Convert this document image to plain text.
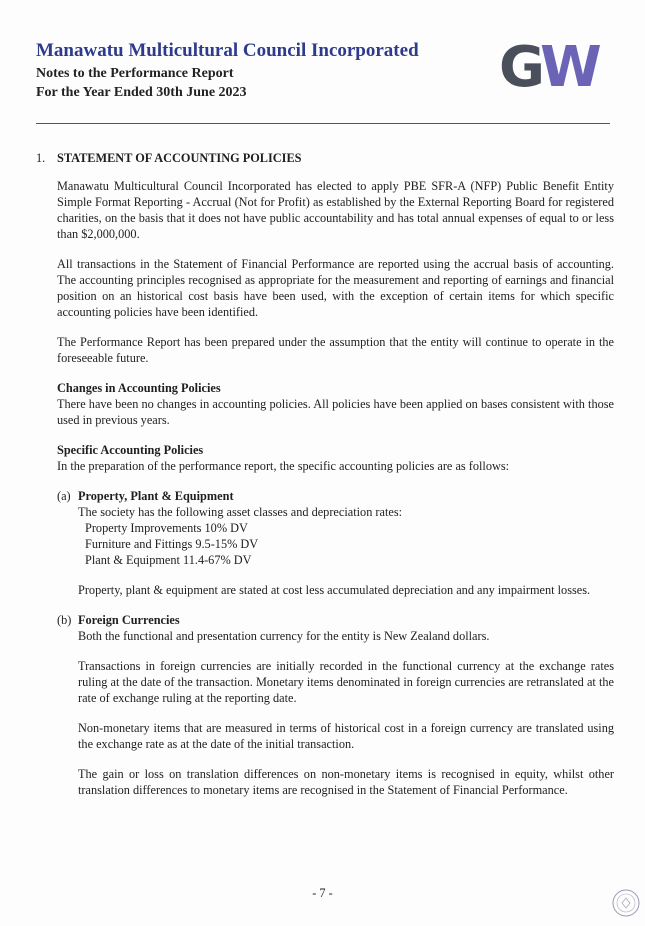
Manawatu Multicultural Council Incorporated
Notes to the Performance Report
For the Year Ended 30th June 2023	GW
1. STATEMENT OF ACCOUNTING POLICIES

Manawatu Multicultural Council Incorporated has elected to apply PBE SFR-A (NFP) Public Benefit Entity Simple Format Reporting - Accrual (Not for Profit) as established by the External Reporting Board for registered charities, on the basis that it does not have public accountability and has total annual expenses of equal to or less than $2,000,000.

All transactions in the Statement of Financial Performance are reported using the accrual basis of accounting. The accounting principles recognised as appropriate for the measurement and reporting of earnings and financial position on an historical cost basis have been used, with the exception of certain items for which specific accounting policies have been identified.

The Performance Report has been prepared under the assumption that the entity will continue to operate in the foreseeable future.

Changes in Accounting Policies

There have been no changes in accounting policies. All policies have been applied on bases consistent with those used in previous years.

Specific Accounting Policies

In the preparation of the performance report, the specific accounting policies are as follows:

(a) Property, Plant & Equipment
The society has the following asset classes and depreciation rates:
Property Improvements 10% DV
Furniture and Fittings 9.5-15% DV
Plant & Equipment 11.4-67% DV

Property, plant & equipment are stated at cost less accumulated depreciation and any impairment losses.

(b) Foreign Currencies

Both the functional and presentation currency for the entity is New Zealand dollars.

Transactions in foreign currencies are initially recorded in the functional currency at the exchange rates ruling at the date of the transaction. Monetary items denominated in foreign currencies are retranslated at the rate of exchange ruling at the reporting date.

Non-monetary items that are measured in terms of historical cost in a foreign currency are translated using the exchange rate as at the date of the initial transaction.

The gain or loss on translation differences on non-monetary items is recognised in equity, whilst other translation differences to monetary items are recognised in the Statement of Financial Performance.

- 7 -
